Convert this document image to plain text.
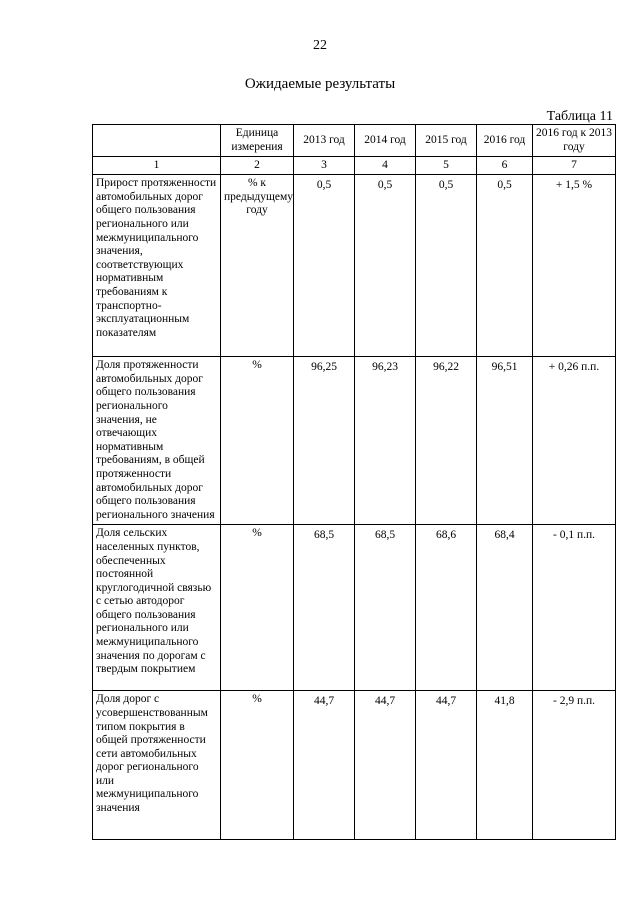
22
Ожидаемые результаты
Таблица 11
	Единица измерения	2013 год	2014 год	2015 год	2016 год	2016 год к 2013 году
1	2	3	4	5	6	7
Прирост протяженности автомобильных дорог общего пользования регионального или межмуниципального значения, соответствующих нормативным требованиям к транспортно-эксплуатационным показателям	% к предыдущему году	0,5	0,5	0,5	0,5	+ 1,5 %
Доля протяженности автомобильных дорог общего пользования регионального значения, не отвечающих нормативным требованиям, в общей протяженности автомобильных дорог общего пользования регионального значения	%	96,25	96,23	96,22	96,51	+ 0,26 п.п.
Доля сельских населенных пунктов, обеспеченных постоянной круглогодичной связью с сетью автодорог общего пользования регионального или межмуниципального значения по дорогам с твердым покрытием	%	68,5	68,5	68,6	68,4	- 0,1 п.п.
Доля дорог с усовершенствованным типом покрытия в общей протяженности сети автомобильных дорог регионального или межмуниципального значения	%	44,7	44,7	44,7	41,8	- 2,9 п.п.
